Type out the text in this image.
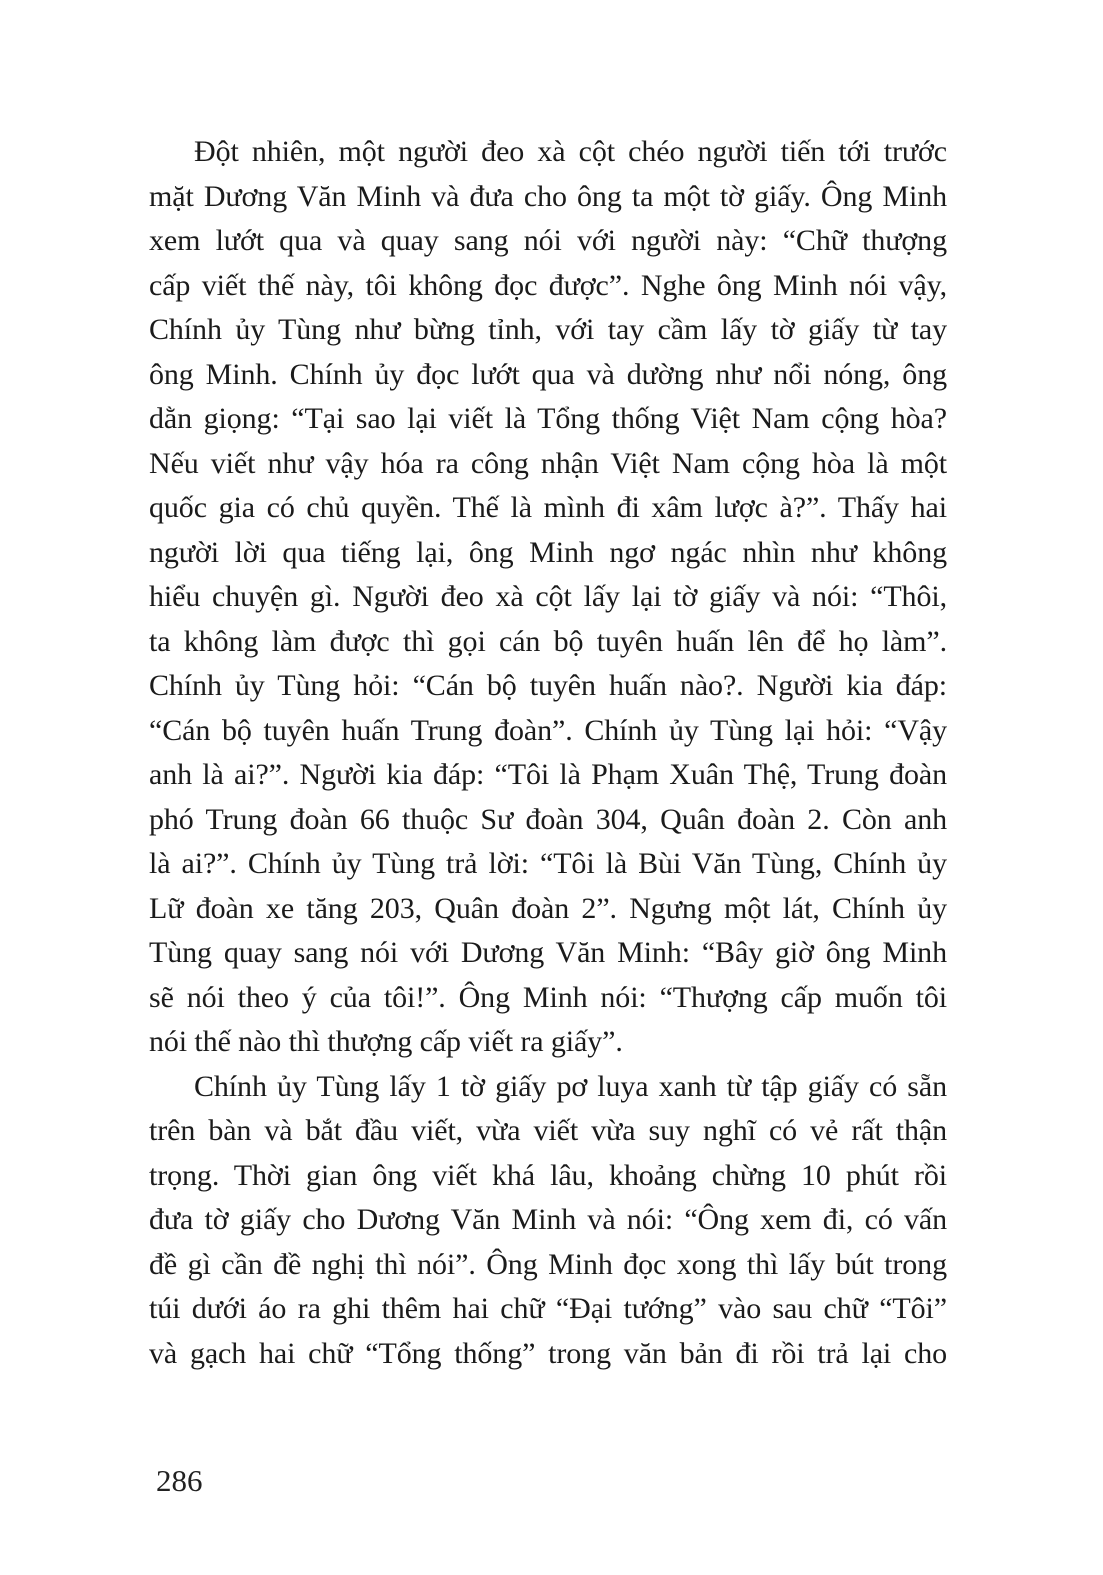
Đột nhiên, một người đeo xà cột chéo người tiến tới trước
mặt Dương Văn Minh và đưa cho ông ta một tờ giấy. Ông Minh
xem lướt qua và quay sang nói với người này: “Chữ thượng
cấp viết thế này, tôi không đọc được”. Nghe ông Minh nói vậy,
Chính ủy Tùng như bừng tỉnh, với tay cầm lấy tờ giấy từ tay
ông Minh. Chính ủy đọc lướt qua và dường như nổi nóng, ông
dằn giọng: “Tại sao lại viết là Tổng thống Việt Nam cộng hòa?
Nếu viết như vậy hóa ra công nhận Việt Nam cộng hòa là một
quốc gia có chủ quyền. Thế là mình đi xâm lược à?”. Thấy hai
người lời qua tiếng lại, ông Minh ngơ ngác nhìn như không
hiểu chuyện gì. Người đeo xà cột lấy lại tờ giấy và nói: “Thôi,
ta không làm được thì gọi cán bộ tuyên huấn lên để họ làm”.
Chính ủy Tùng hỏi: “Cán bộ tuyên huấn nào?. Người kia đáp:
“Cán bộ tuyên huấn Trung đoàn”. Chính ủy Tùng lại hỏi: “Vậy
anh là ai?”. Người kia đáp: “Tôi là Phạm Xuân Thệ, Trung đoàn
phó Trung đoàn 66 thuộc Sư đoàn 304, Quân đoàn 2. Còn anh
là ai?”. Chính ủy Tùng trả lời: “Tôi là Bùi Văn Tùng, Chính ủy
Lữ đoàn xe tăng 203, Quân đoàn 2”. Ngưng một lát, Chính ủy
Tùng quay sang nói với Dương Văn Minh: “Bây giờ ông Minh
sẽ nói theo ý của tôi!”. Ông Minh nói: “Thượng cấp muốn tôi
nói thế nào thì thượng cấp viết ra giấy”.
Chính ủy Tùng lấy 1 tờ giấy pơ luya xanh từ tập giấy có sẵn
trên bàn và bắt đầu viết, vừa viết vừa suy nghĩ có vẻ rất thận
trọng. Thời gian ông viết khá lâu, khoảng chừng 10 phút rồi
đưa tờ giấy cho Dương Văn Minh và nói: “Ông xem đi, có vấn
đề gì cần đề nghị thì nói”. Ông Minh đọc xong thì lấy bút trong
túi dưới áo ra ghi thêm hai chữ “Đại tướng” vào sau chữ “Tôi”
và gạch hai chữ “Tổng thống” trong văn bản đi rồi trả lại cho
286
